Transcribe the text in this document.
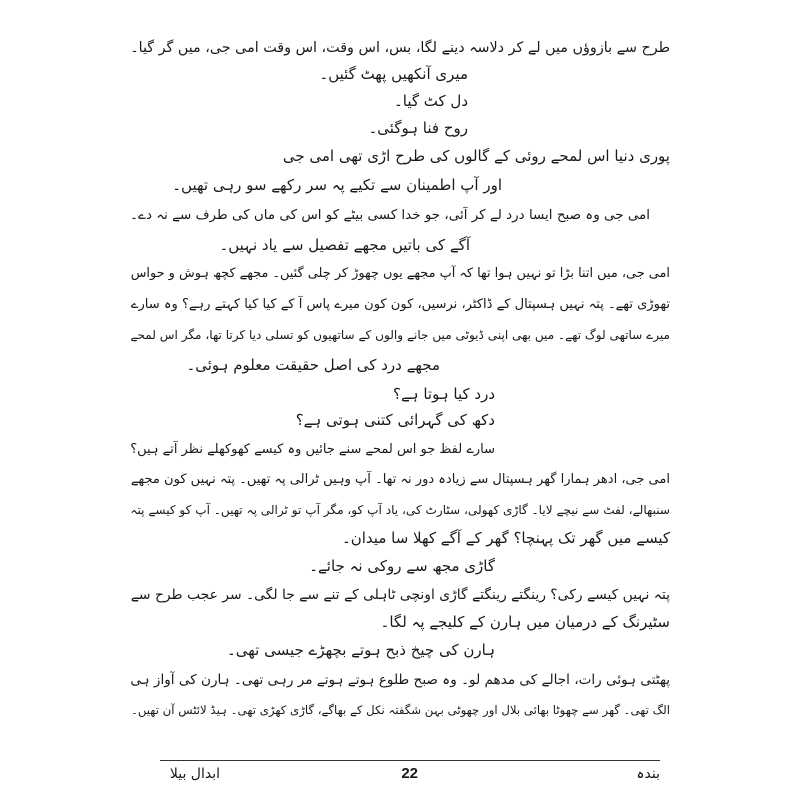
طرح سے بازوؤں میں لے کر دلاسہ دینے لگا، بس، اس وقت، اس وقت امی جی، میں گر گیا۔
میری آنکھیں پھٹ گئیں۔
دل کٹ گیا۔
روح فنا ہوگئی۔
پوری دنیا اس لمحے روئی کے گالوں کی طرح اڑی تھی امی جی
اور آپ اطمینان سے تکیے پہ سر رکھے سو رہی تھیں۔
امی جی وہ صبح ایسا درد لے کر آئی، جو خدا کسی بیٹے کو اس کی ماں کی طرف سے نہ دے۔
آگے کی باتیں مجھے تفصیل سے یاد نہیں۔
امی جی، میں اتنا بڑا تو نہیں ہوا تھا کہ آپ مجھے یوں چھوڑ کر چلی گئیں۔ مجھے کچھ ہوش و حواس
تھوڑی تھے۔ پتہ نہیں ہسپتال کے ڈاکٹر، نرسیں، کون کون میرے پاس آ کے کیا کیا کہتے رہے؟ وہ سارے
میرے ساتھی لوگ تھے۔ میں بھی اپنی ڈیوٹی میں جانے والوں کے ساتھیوں کو تسلی دیا کرتا تھا، مگر اس لمحے
مجھے درد کی اصل حقیقت معلوم ہوئی۔
درد کیا ہوتا ہے؟
دکھ کی گہرائی کتنی ہوتی ہے؟
سارے لفظ جو اس لمحے سنے جائیں وہ کیسے کھوکھلے نظر آتے ہیں؟
امی جی، ادھر ہمارا گھر ہسپتال سے زیادہ دور نہ تھا۔ آپ وہیں ٹرالی پہ تھیں۔ پتہ نہیں کون مجھے
سنبھالے، لفٹ سے نیچے لایا۔ گاڑی کھولی، سٹارٹ کی، یاد آپ کو، مگر آپ تو ٹرالی پہ تھیں۔ آپ کو کیسے پتہ
کیسے میں گھر تک پہنچا؟ گھر کے آگے کھلا سا میدان۔
گاڑی مجھ سے روکی نہ جائے۔
پتہ نہیں کیسے رکی؟ رینگتے رینگتے گاڑی اونچی ٹاہلی کے تنے سے جا لگی۔ سر عجب طرح سے
سٹیرنگ کے درمیان میں ہارن کے کلیجے پہ لگا۔
ہارن کی چیخ ذبح ہوتے بچھڑے جیسی تھی۔
پھٹتی ہوئی رات، اجالے کی مدھم لو۔ وہ صبح طلوع ہوتے ہوتے مر رہی تھی۔ ہارن کی آواز ہی
الگ تھی۔ گھر سے چھوٹا بھائی بلال اور چھوٹی بہن شگفتہ نکل کے بھاگے، گاڑی کھڑی تھی۔ ہیڈ لائٹس آن تھیں۔
بندہ
22
ابدال بیلا
